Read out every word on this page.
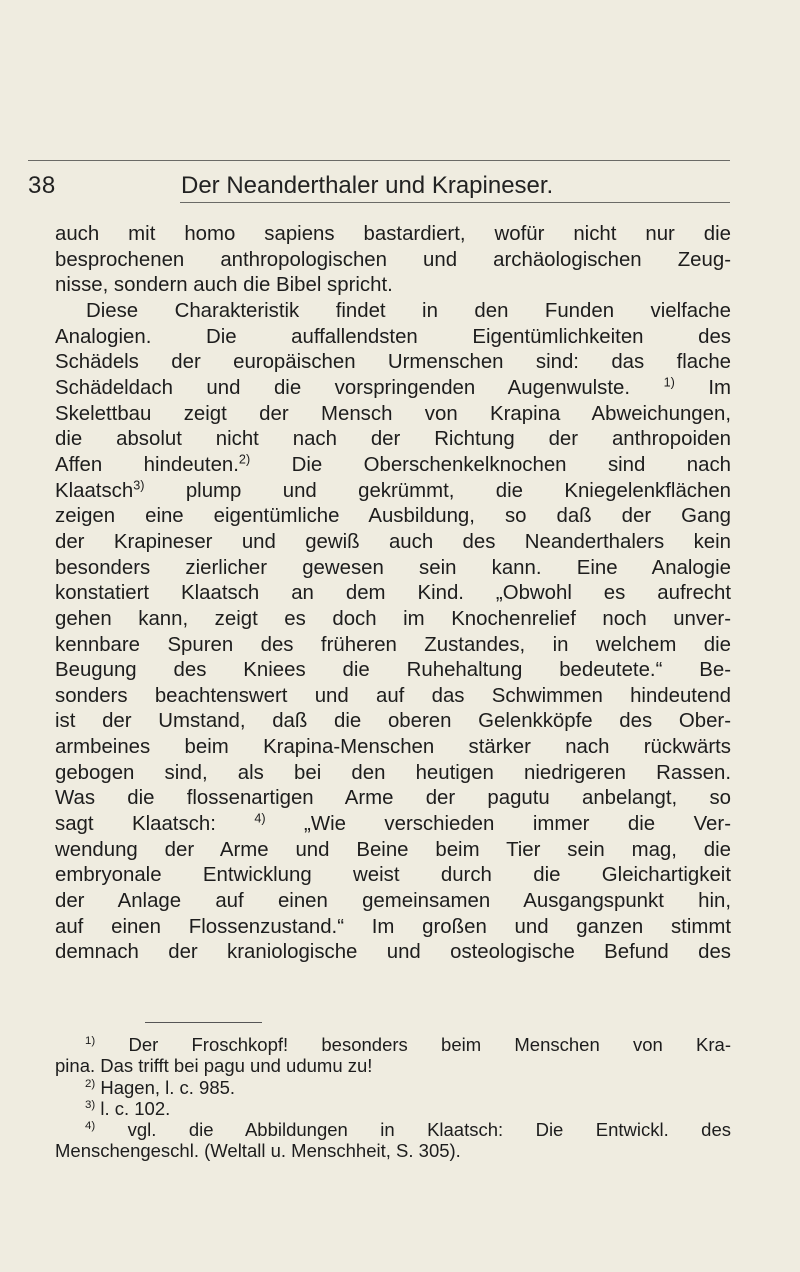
38	Der Neanderthaler und Krapineser.
auch mit homo sapiens bastardiert, wofür nicht nur die
besprochenen anthropologischen und archäologischen Zeug-
nisse, sondern auch die Bibel spricht.
Diese Charakteristik findet in den Funden vielfache
Analogien. Die auffallendsten Eigentümlichkeiten des
Schädels der europäischen Urmenschen sind: das flache
Schädeldach und die vorspringenden Augenwulste.	$^{1)}$ Im
Skelettbau zeigt der Mensch von Krapina Abweichungen,
die absolut nicht nach der Richtung der anthropoiden
Affen hindeuten.$^{2)}$ Die Oberschenkelknochen sind nach
Klaatsch$^{3)}$ plump und gekrümmt, die Kniegelenkflächen
zeigen eine eigentümliche Ausbildung, so daß der Gang
der Krapineser und gewiß auch des Neanderthalers kein
besonders zierlicher gewesen sein kann. Eine Analogie
konstatiert Klaatsch an dem Kind. „Obwohl es aufrecht
gehen kann, zeigt es doch im Knochenrelief noch unver-
kennbare Spuren des früheren Zustandes, in welchem die
Beugung des Kniees die Ruhehaltung bedeutete.“ Be-
sonders beachtenswert und auf das Schwimmen hindeutend
ist der Umstand, daß die oberen Gelenkköpfe des Ober-
armbeines beim Krapina-Menschen stärker nach rückwärts
gebogen sind, als bei den heutigen niedrigeren Rassen.
Was die flossenartigen Arme der pagutu anbelangt, so
sagt Klaatsch:	$^{4)}$ „Wie verschieden immer die Ver-
wendung der Arme und Beine beim Tier sein mag, die
embryonale Entwicklung weist durch die Gleichartigkeit
der Anlage auf einen gemeinsamen Ausgangspunkt hin,
auf einen Flossenzustand.“ Im großen und ganzen stimmt
demnach der kraniologische und osteologische Befund des
$^{1)}$ Der Froschkopf! besonders beim Menschen von Kra-
pina. Das trifft bei pagu und udumu zu!
$^{2)}$ Hagen, l. c. 985.
$^{3)}$ l. c. 102.
$^{4)}$ vgl. die Abbildungen in Klaatsch: Die Entwickl. des
Menschengeschl. (Weltall u. Menschheit, S. 305).
